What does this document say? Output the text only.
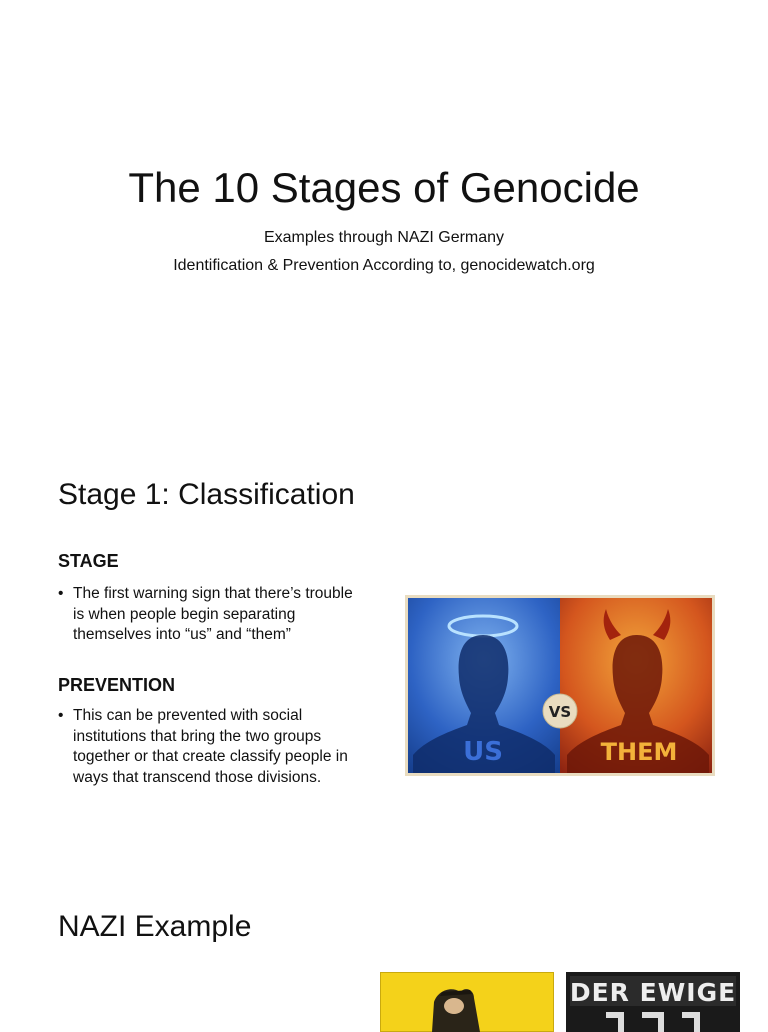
The 10 Stages of Genocide
Examples through NAZI Germany
Identification & Prevention According to, genocidewatch.org
Stage 1: Classification
STAGE
• The first warning sign that there’s trouble is when people begin separating themselves into “us” and “them”
PREVENTION
• This can be prevented with social institutions that bring the two groups together or that create classify people in ways that transcend those divisions.
US	THEM
VS
NAZI Example
DER EWIGE
